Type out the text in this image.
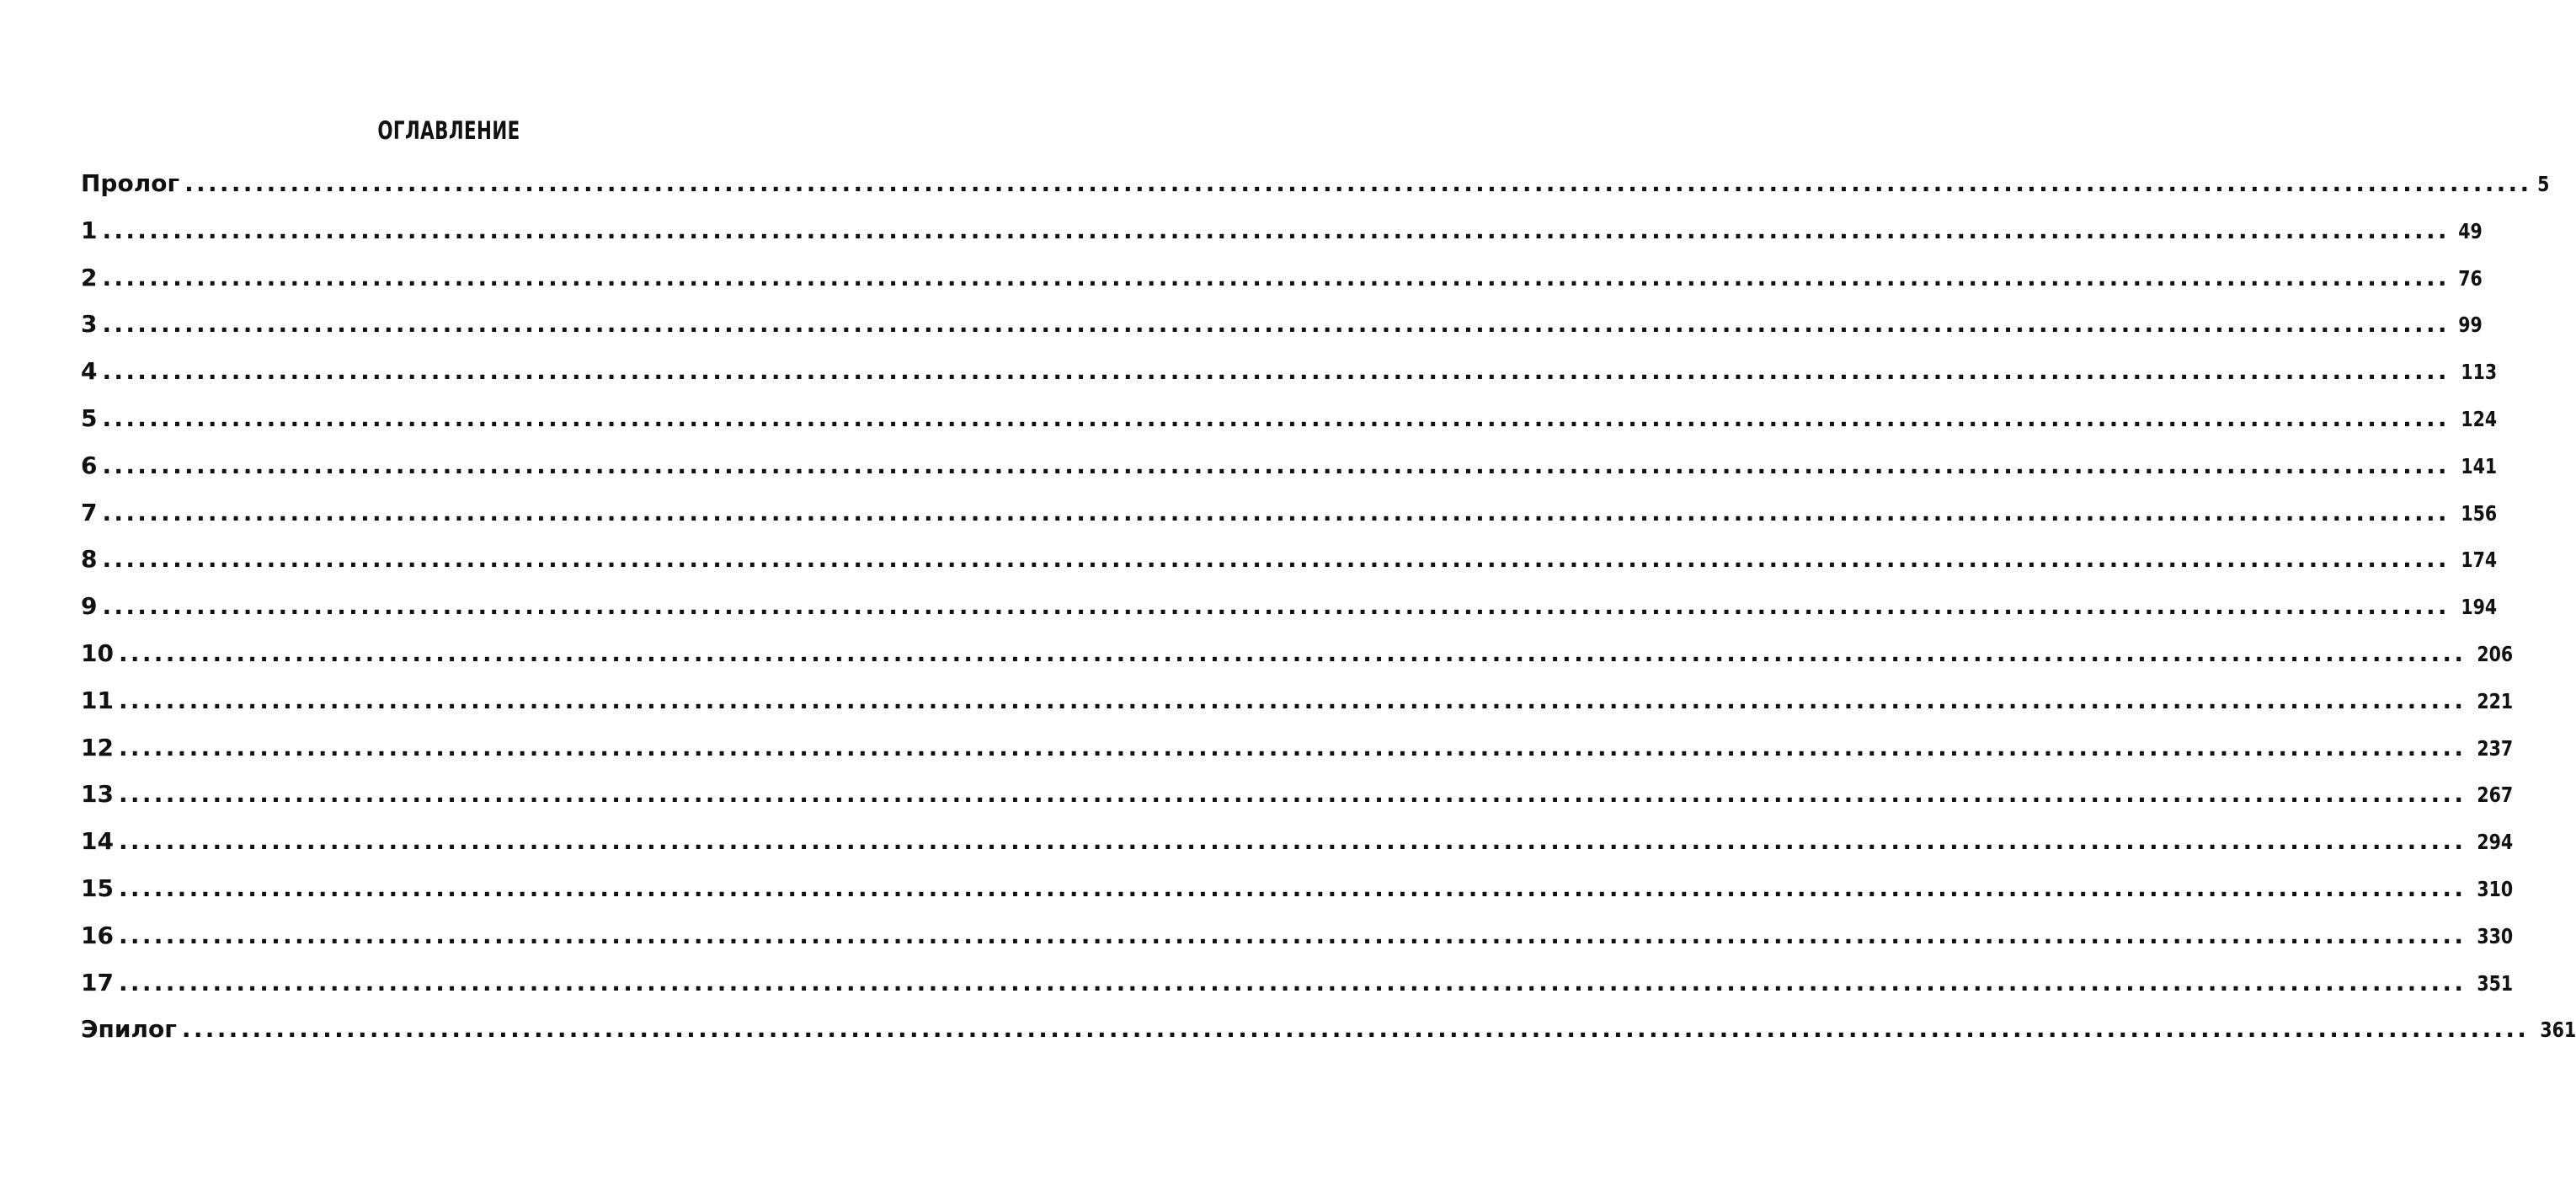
ОГЛАВЛЕНИЕ
Пролог ........................................................................................................................................................................................................ 5
1 ........................................................................................................................................................................................................ 49
2 ........................................................................................................................................................................................................ 76
3 ........................................................................................................................................................................................................ 99
4 ........................................................................................................................................................................................................ 113
5 ........................................................................................................................................................................................................ 124
6 ........................................................................................................................................................................................................ 141
7 ........................................................................................................................................................................................................ 156
8 ........................................................................................................................................................................................................ 174
9 ........................................................................................................................................................................................................ 194
10 ........................................................................................................................................................................................................ 206
11 ........................................................................................................................................................................................................ 221
12 ........................................................................................................................................................................................................ 237
13 ........................................................................................................................................................................................................ 267
14 ........................................................................................................................................................................................................ 294
15 ........................................................................................................................................................................................................ 310
16 ........................................................................................................................................................................................................ 330
17 ........................................................................................................................................................................................................ 351
Эпилог ........................................................................................................................................................................................................ 361
